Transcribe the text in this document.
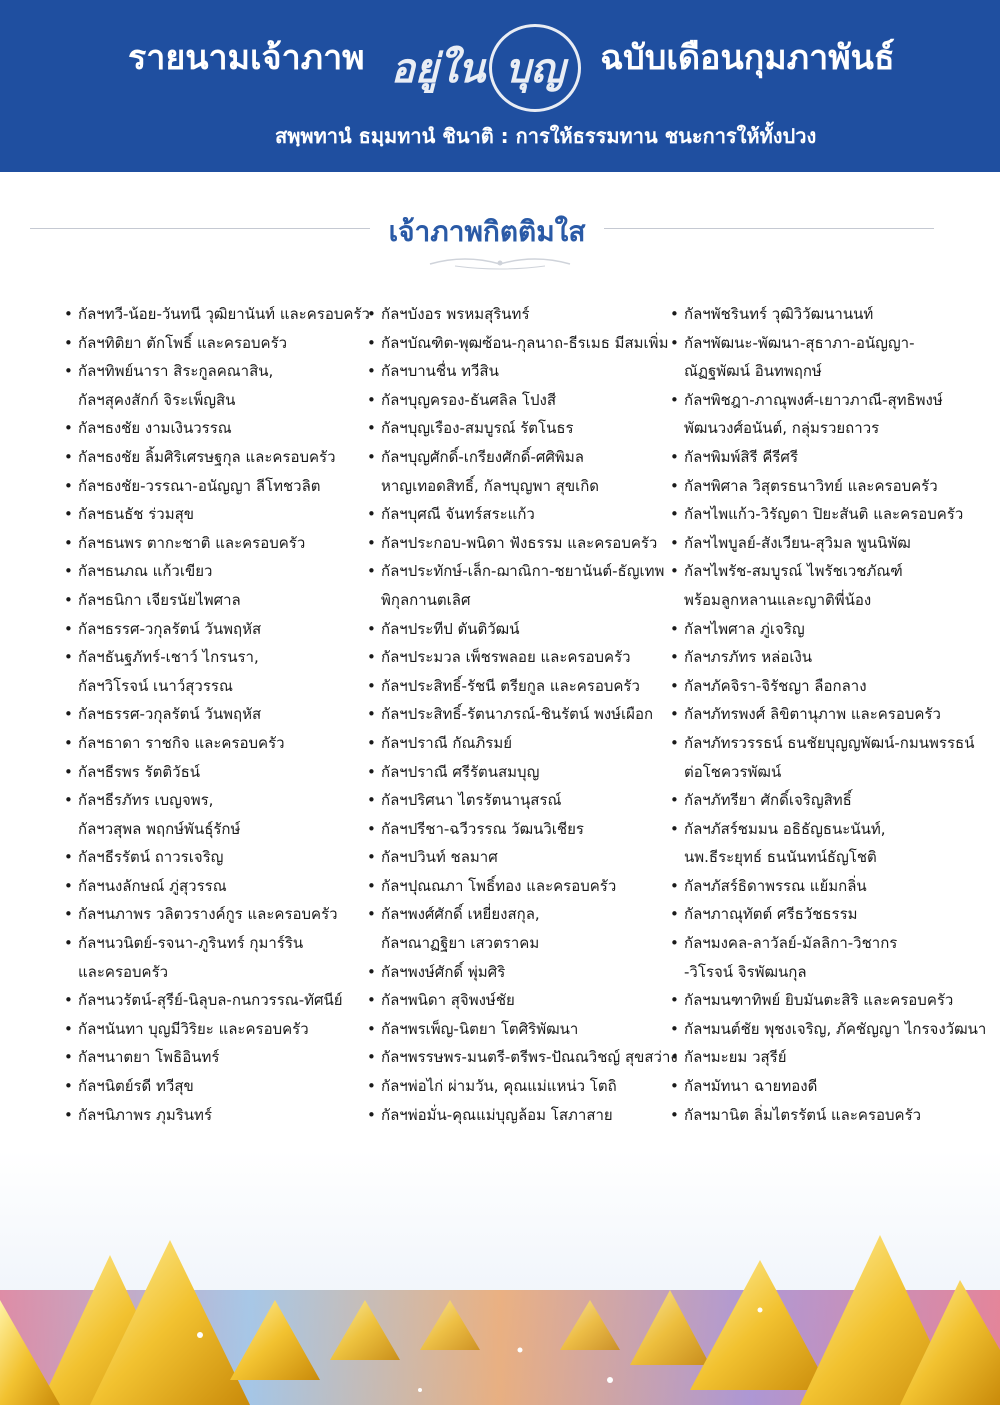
รายนามเจ้าภาพ อยู่ใน บุญ	ฉบับเดือนกุมภาพันธ์
สพฺพทานํ ธมฺมทานํ ชินาติ : การให้ธรรมทาน ชนะการให้ทั้งปวง
เจ้าภาพกิตติมใส
• กัลฯทวี-น้อย-วันทนี วุฒิยานันท์ และครอบครัว
• กัลฯทิติยา ตักโพธิ์ และครอบครัว
• กัลฯทิพย์นารา สิระกูลคณาสิน,
กัลฯสุคงสักก์ จิระเพ็ญสิน
• กัลฯธงชัย งามเงินวรรณ
• กัลฯธงชัย ลิ้มศิริเศรษฐกุล และครอบครัว
• กัลฯธงชัย-วรรณา-อนัญญา ลีโทชวลิต
• กัลฯธนธัช ร่วมสุข
• กัลฯธนพร ตากะชาติ และครอบครัว
• กัลฯธนภณ แก้วเขียว
• กัลฯธนิกา เจียรนัยไพศาล
• กัลฯธรรศ-วกุลรัตน์ วันพฤหัส
• กัลฯธันฐภัทร์-เชาว์ ไกรนรา,
กัลฯวิโรจน์ เนาว์สุวรรณ
• กัลฯธรรศ-วกุลรัตน์ วันพฤหัส
• กัลฯธาดา ราชกิจ และครอบครัว
• กัลฯธีรพร รัตติวัธน์
• กัลฯธีรภัทร เบญจพร,
กัลฯวสุพล พฤกษ์พันธุ์รักษ์
• กัลฯธีรรัตน์ ถาวรเจริญ
• กัลฯนงลักษณ์ ภู่สุวรรณ
• กัลฯนภาพร วลิตวรางค์กูร และครอบครัว
• กัลฯนวนิตย์-รจนา-ภูรินทร์ กุมาร์ริน
และครอบครัว
• กัลฯนวรัตน์-สุรีย์-นิลุบล-กนกวรรณ-ทัศนีย์
• กัลฯนันทา บุญมีวิริยะ และครอบครัว
• กัลฯนาตยา โพธิอินทร์
• กัลฯนิตย์รดี ทวีสุข
• กัลฯนิภาพร ภุมรินทร์
• กัลฯบังอร พรหมสุรินทร์
• กัลฯบัณฑิต-พุฒซ้อน-กุลนาถ-ธีรเมธ มีสมเพิ่ม
• กัลฯบานชื่น ทวีสิน
• กัลฯบุญครอง-ธันศลิล โปงสี
• กัลฯบุญเรือง-สมบูรณ์ รัตโนธร
• กัลฯบุญศักดิ์-เกรียงศักดิ์-ศศิพิมล
หาญเทอดสิทธิ์, กัลฯบุญพา สุขเกิด
• กัลฯบุศณี จันทร์สระแก้ว
• กัลฯประกอบ-พนิดา ฟังธรรม และครอบครัว
• กัลฯประทักษ์-เล็ก-ฌาณิกา-ชยานันต์-ธัญเทพ
พิกุลกานตเลิศ
• กัลฯประทีป ตันติวัฒน์
• กัลฯประมวล เพ็ชรพลอย และครอบครัว
• กัลฯประสิทธิ์-รัชนี ตรียกูล และครอบครัว
• กัลฯประสิทธิ์-รัตนาภรณ์-ชินรัตน์ พงษ์เผือก
• กัลฯปราณี กัณภิรมย์
• กัลฯปราณี ศรีรัตนสมบุญ
• กัลฯปริศนา ไตรรัตนานุสรณ์
• กัลฯปรีชา-ฉวีวรรณ วัฒนวิเชียร
• กัลฯปวินท์ ชลมาศ
• กัลฯปุณณภา โพธิ์ทอง และครอบครัว
• กัลฯพงศ์ศักดิ์ เหยี่ยงสกุล,
กัลฯณาฏฐิยา เสวตราคม
• กัลฯพงษ์ศักดิ์ พุ่มศิริ
• กัลฯพนิดา สุจิพงษ์ชัย
• กัลฯพรเพ็ญ-นิตยา โตศิริพัฒนา
• กัลฯพรรษพร-มนตรี-ตรีพร-ปัณณวิชญ์ สุขสว่าง
• กัลฯพ่อไก่ ผ่ามวัน, คุณแม่แหน่ว โตถิ
• กัลฯพ่อมั่น-คุณแม่บุญล้อม โสภาสาย
• กัลฯพัชรินทร์ วุฒิวิวัฒนานนท์
• กัลฯพัฒนะ-พัฒนา-สุธาภา-อนัญญา-
ณัฏฐพัฒน์ อินทพฤกษ์
• กัลฯพิชฎา-ภาณุพงศ์-เยาวภาณี-สุทธิพงษ์
พัฒนวงศ์อนันต์, กลุ่มรวยถาวร
• กัลฯพิมพ์สิรี คีรีศรี
• กัลฯพิศาล วิสุตรธนาวิทย์ และครอบครัว
• กัลฯไพแก้ว-วิรัญดา ปิยะสันติ และครอบครัว
• กัลฯไพบูลย์-สังเวียน-สุวิมล พูนนิพัฒ
• กัลฯไพรัช-สมบูรณ์ ไพรัชเวชภัณฑ์
พร้อมลูกหลานและญาติพี่น้อง
• กัลฯไพศาล ภู่เจริญ
• กัลฯภรภัทร หล่อเงิน
• กัลฯภัคจิรา-จิรัชญา ลือกลาง
• กัลฯภัทรพงศ์ ลิขิตานุภาพ และครอบครัว
• กัลฯภัทรวรรธน์ ธนชัยบุญญพัฒน์-กมนพรรธน์
ต่อโชควรพัฒน์
• กัลฯภัทรียา ศักดิ์เจริญสิทธิ์
• กัลฯภัสร์ชมมน อธิธัญธนะนันท์,
นพ.ธีระยุทธ์ ธนนันทน์ธัญโชติ
• กัลฯภัสร์ธิดาพรรณ แย้มกลิ่น
• กัลฯภาณุทัตต์ ศรีธวัชธรรม
• กัลฯมงคล-ลาวัลย์-มัลลิกา-วิชากร
-วิโรจน์ จิรพัฒนกุล
• กัลฯมนฑาทิพย์ ยิบมันตะสิริ และครอบครัว
• กัลฯมนต์ชัย พุชงเจริญ, ภัคชัญญา ไกรจงวัฒนา
• กัลฯมะยม วสุรีย์
• กัลฯมัทนา ฉายทองดี
• กัลฯมานิต ลิ่มไตรรัตน์ และครอบครัว
